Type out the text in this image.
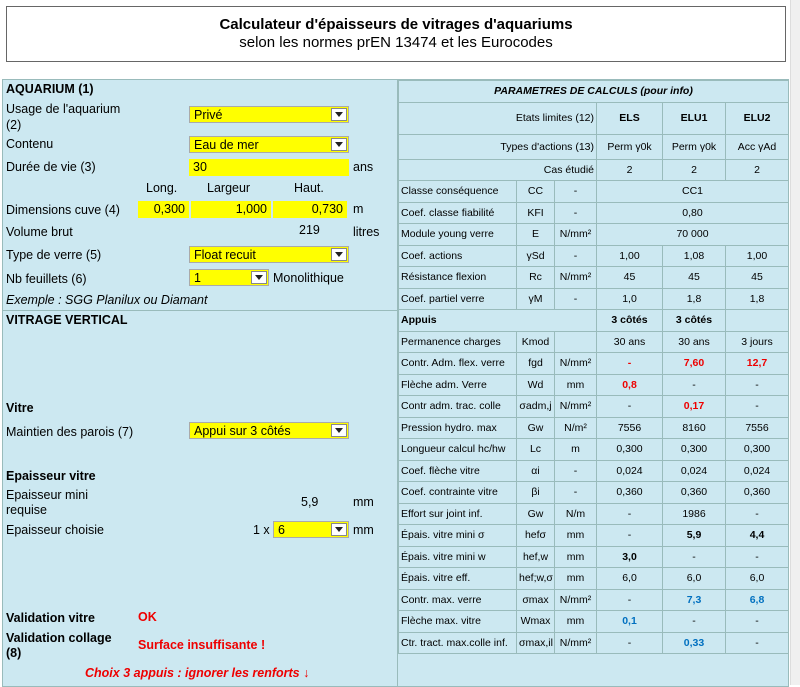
Calculateur d'épaisseurs de vitrages d'aquariums
selon les normes prEN 13474 et les Eurocodes
AQUARIUM (1)
Usage de l'aquarium
(2)
Privé
Contenu	Eau de mer
Durée de vie (3)	30	ans
Long. Largeur	Haut.
Dimensions cuve (4)	0,300	1,000	0,730 m
Volume brut	219	litres
Type de verre (5)	Float recuit
Nb feuillets (6)	1	Monolithique
Exemple : SGG Planilux ou Diamant
VITRAGE VERTICAL
Vitre
Maintien des parois (7)	Appui sur 3 côtés
Epaisseur vitre
Epaisseur mini
requise
5,9	mm
Epaisseur choisie	1 x 6	mm
Validation vitre	OK
Validation collage
(8)
Surface insuffisante !
Choix 3 appuis : ignorer les renforts ↓
PARAMETRES DE CALCULS (pour info)					
Etats limites (12)			ELS	ELU1	ELU2
Types d'actions (13)			Perm γ0k	Perm γ0k	Acc γAd
Cas étudié			2	2	2
Classe conséquence	CC	-	CC1		
Coef. classe fiabilité	KFI	-	0,80		
Module young verre	E	N/mm²	70 000		
Coef. actions	γSd	-	1,00	1,08	1,00
Résistance flexion	Rc	N/mm²	45	45	45
Coef. partiel verre	γM	-	1,0	1,8	1,8
Appuis			3 côtés	3 côtés	
Permanence charges	Kmod		30 ans	30 ans	3 jours
Contr. Adm. flex. verre	fgd	N/mm²	-	7,60	12,7
Flèche adm. Verre	Wd	mm	0,8	-	-
Contr adm. trac. colle	σadm,j	N/mm²	-	0,17	-
Pression hydro. max	Gw	N/m²	7556	8160	7556
Longueur calcul hc/hw	Lc	m	0,300	0,300	0,300
Coef. flèche vitre	αi	-	0,024	0,024	0,024
Coef. contrainte vitre	βi	-	0,360	0,360	0,360
Effort sur joint inf.	Gw	N/m	-	1986	-
Épais. vitre mini σ	hefσ	mm	-	5,9	4,4
Épais. vitre mini w	hef,w	mm	3,0	-	-
Épais. vitre eff.	hef;w,σ	mm	6,0	6,0	6,0
Contr. max. verre	σmax	N/mm²	-	7,3	6,8
Flèche max. vitre	Wmax	mm	0,1	-	-
Ctr. tract. max.colle inf.	σmax,il	N/mm²	-	0,33	-
